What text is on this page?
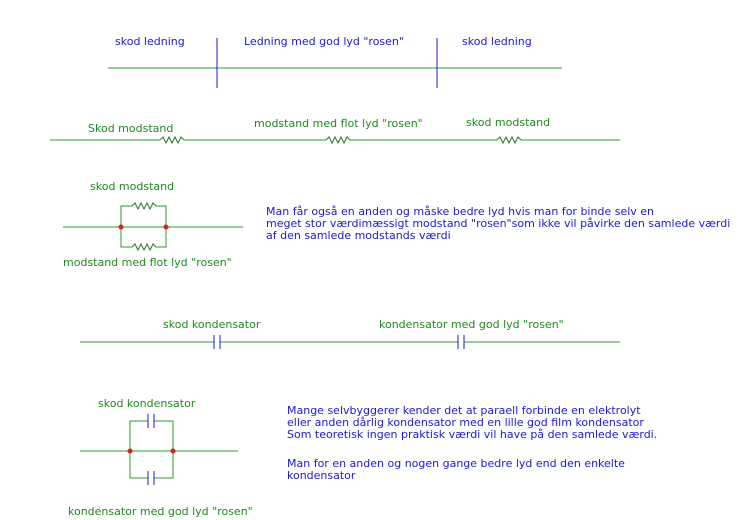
skod ledning	Ledning med god lyd "rosen"	skod ledning
Skod modstand	modstand med flot lyd "rosen"	skod modstand
skod modstand
modstand med flot lyd "rosen"
Man får også en anden og måske bedre lyd hvis man for binde selv en
meget stor værdimæssigt modstand "rosen"som ikke vil påvirke den samlede værdi
af den samlede modstands værdi
skod kondensator	kondensator med god lyd "rosen"
skod kondensator
kondensator med god lyd "rosen"
Mange selvbyggerer kender det at paraell forbinde en elektrolyt
eller anden dårlig kondensator med en lille god film kondensator
Som teoretisk ingen praktisk værdi vil have på den samlede værdi.
Man for en anden og nogen gange bedre lyd end den enkelte
kondensator
